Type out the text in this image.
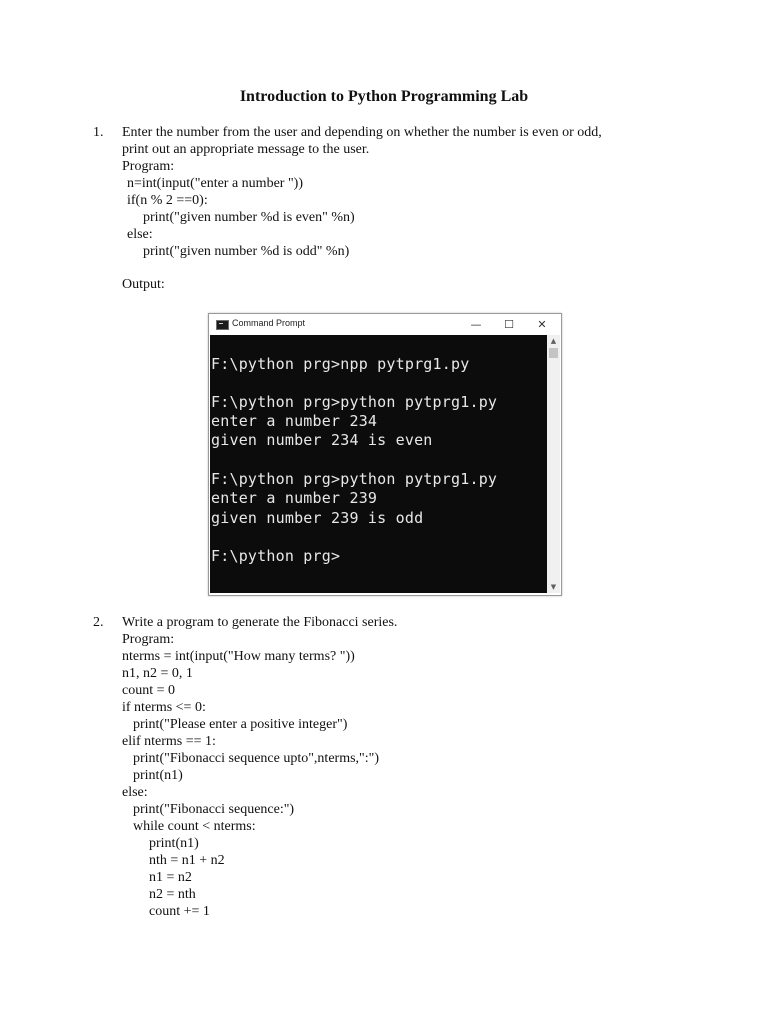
Introduction to Python Programming Lab
1. Enter the number from the user and depending on whether the number is even or odd,
print out an appropriate message to the user.
Program:
n=int(input("enter a number "))
if(n % 2 ==0):
print("given number %d is even" %n)
else:
print("given number %d is odd" %n)
Output:
Command Prompt	—	☐	✕
F:\python prg>npp pytprg1.py
F:\python prg>python pytprg1.py
enter a number 234
given number 234 is even
F:\python prg>python pytprg1.py
enter a number 239
given number 239 is odd
F:\python prg>
▲
▼
2. Write a program to generate the Fibonacci series.
Program:
nterms = int(input("How many terms? "))
n1, n2 = 0, 1
count = 0
if nterms <= 0:
print("Please enter a positive integer")
elif nterms == 1:
print("Fibonacci sequence upto",nterms,":")
print(n1)
else:
print("Fibonacci sequence:")
while count < nterms:
print(n1)
nth = n1 + n2
n1 = n2
n2 = nth
count += 1
